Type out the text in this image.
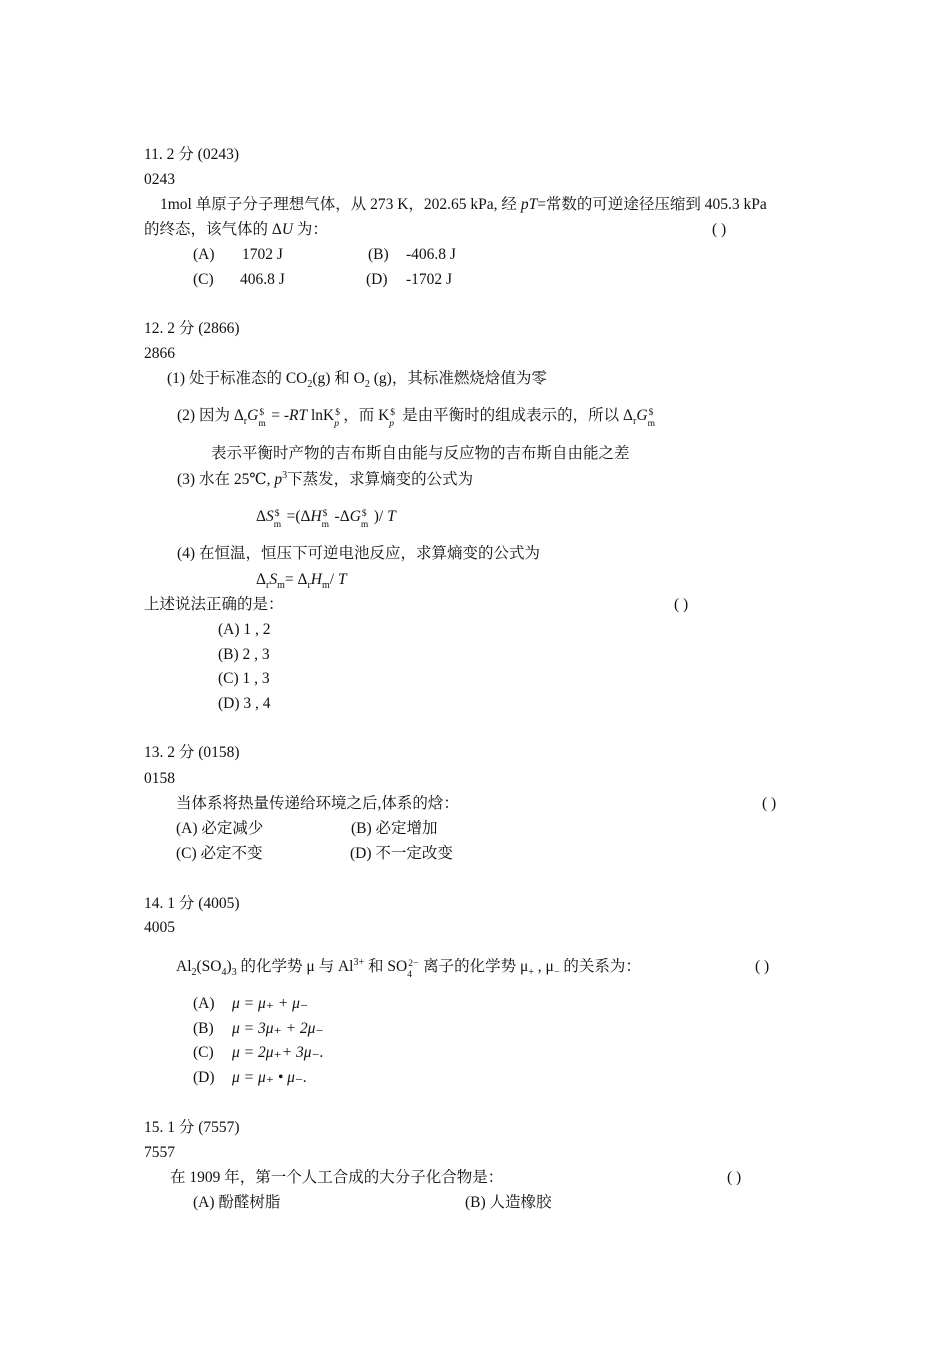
11. 2 分 (0243)
0243
1mol 单原子分子理想气体，从 273 K，202.65 kPa, 经 pT=常数的可逆途径压缩到 405.3 kPa
的终态，该气体的 ΔU 为：	( )
(A) 1702 J	(B) -406.8 J
(C) 406.8 J	(D) -1702 J
12. 2 分 (2866)
2866
(1) 处于标准态的 $CO_2(g)$ 和 $O_2$ (g)，其标准燃烧焓值为零
(2) 因为 $\Delta_rG$ $
m = -RT lnK $
p ，而 K $
p 是由平衡时的组成表示的，所以 $\Delta_rG$ $
m
表示平衡时产物的吉布斯自由能与反应物的吉布斯自由能之差
(3) 水在 25℃, $p^3$下蒸发，求算熵变的公式为
ΔS $
m =(ΔH $
m -ΔG $
m )/ T
(4) 在恒温，恒压下可逆电池反应，求算熵变的公式为
$\Delta_rS_m= \Delta_rH_m/$ T
上述说法正确的是：	( )
(A) 1 , 2
(B) 2 , 3
(C) 1 , 3
(D) 3 , 4
13. 2 分 (0158)
0158
当体系将热量传递给环境之后,体系的焓：	( )
(A) 必定减少	(B) 必定增加
(C) 必定不变	(D) 不一定改变
14. 1 分 (4005)
4005
$Al_2(SO_4)_3$ 的化学势 μ 与 $Al^{3+}$ 和 SO 2−
4 离子的化学势 $\mu_+$ , $\mu_-$ 的关系为：	( )
(A) μ = μ₊ + μ₋
(B) μ = 3μ₊ + 2μ₋
(C) μ = 2μ₊+ 3μ₋.
(D) μ = μ₊ • μ₋.
15. 1 分 (7557)
7557
在 1909 年，第一个人工合成的大分子化合物是：	( )
(A) 酚醛树脂	(B) 人造橡胶
